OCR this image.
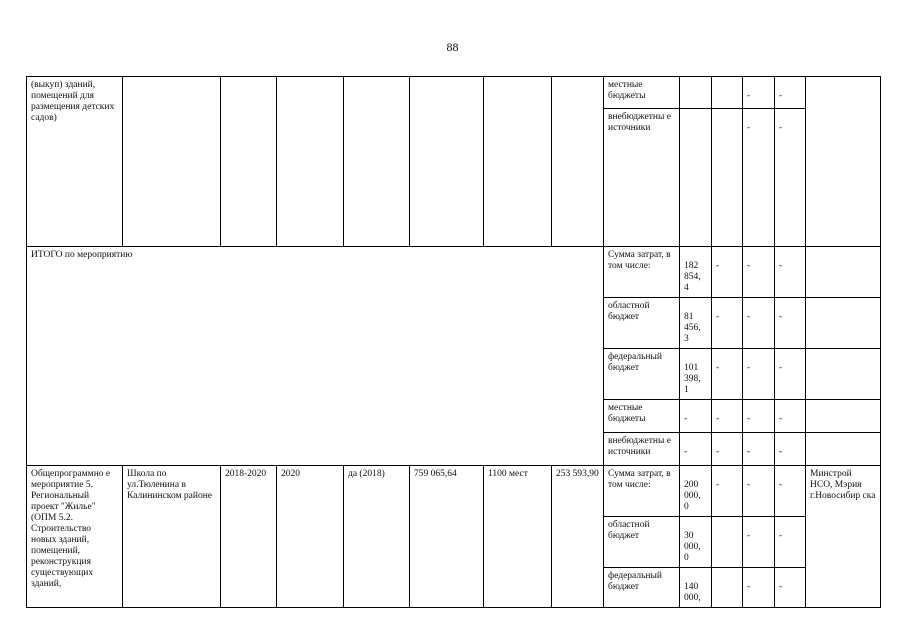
88
(выкуп) зданий, помещений для размещения детских садов)								местные бюджеты			-	-	
								внебюджетны е источники			-	-	
ИТОГО по мероприятию								Сумма затрат, в том числе:	182 854, 4	-	-	-	
								областной бюджет	81 456, 3	-	-	-	
								федеральный бюджет	101 398, 1	-	-	-	
								местные бюджеты	-	-	-	-	
								внебюджетны е источники	-	-	-	-	
Общепрограммно е мероприятие 5. Региональный проект "Жилье" (ОПМ 5.2. Строительство новых зданий, помещений, реконструкция существующих зданий,	Школа по ул.Тюленина в Калининском районе	2018-2020	2020	да (2018)	759 065,64	1100 мест	253 593,90	Сумма затрат, в том числе:	200 000, 0	-	-	-	Минстрой НСО, Мэрия г.Новосибир ска
								областной бюджет	30 000, 0		-	-	
								федеральный бюджет	140 000,		-	-	
